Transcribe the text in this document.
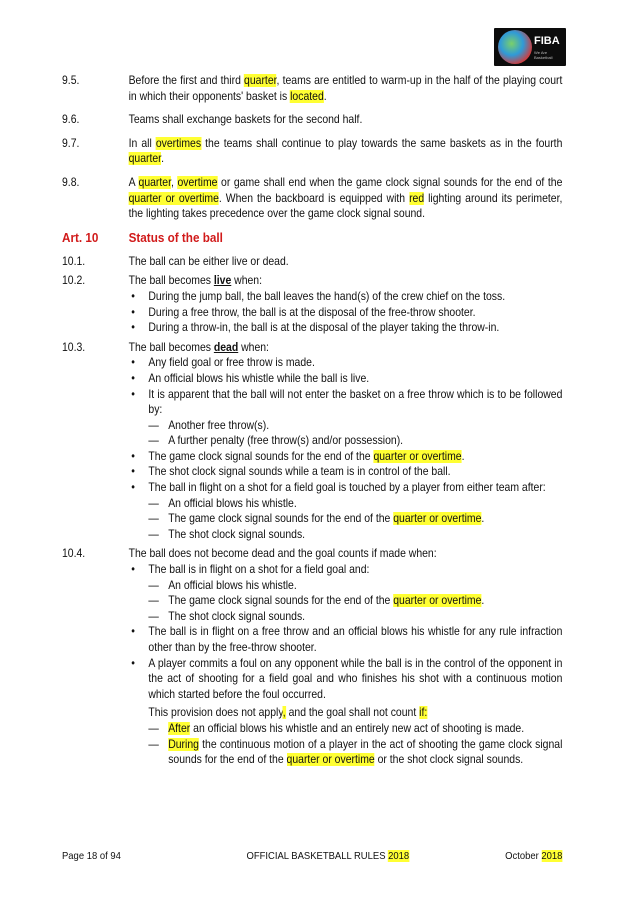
FIBA
We Are Basketball
9.5.	Before the first and third quarter, teams are entitled to warm-up in the half of the playing court in which their opponents' basket is located.
9.6.	Teams shall exchange baskets for the second half.
9.7.	In all overtimes the teams shall continue to play towards the same baskets as in the fourth quarter.
9.8.	A quarter, overtime or game shall end when the game clock signal sounds for the end of the quarter or overtime. When the backboard is equipped with red lighting around its perimeter, the lighting takes precedence over the game clock signal sound.
Art. 10 Status of the ball
10.1.	The ball can be either live or dead.
10.2.	The ball becomes live when:
• During the jump ball, the ball leaves the hand(s) of the crew chief on the toss.
• During a free throw, the ball is at the disposal of the free-throw shooter.
• During a throw-in, the ball is at the disposal of the player taking the throw-in.
10.3.	The ball becomes dead when:
• Any field goal or free throw is made.
• An official blows his whistle while the ball is live.
• It is apparent that the ball will not enter the basket on a free throw which is to be followed by:
— Another free throw(s).
— A further penalty (free throw(s) and/or possession).
• The game clock signal sounds for the end of the quarter or overtime.
• The shot clock signal sounds while a team is in control of the ball.
• The ball in flight on a shot for a field goal is touched by a player from either team after:
— An official blows his whistle.
— The game clock signal sounds for the end of the quarter or overtime.
— The shot clock signal sounds.
10.4.	The ball does not become dead and the goal counts if made when:
• The ball is in flight on a shot for a field goal and:
— An official blows his whistle.
— The game clock signal sounds for the end of the quarter or overtime.
— The shot clock signal sounds.
• The ball is in flight on a free throw and an official blows his whistle for any rule infraction other than by the free-throw shooter.
• A player commits a foul on any opponent while the ball is in the control of the opponent in the act of shooting for a field goal and who finishes his shot with a continuous motion which started before the foul occurred.
This provision does not apply, and the goal shall not count if:
— After an official blows his whistle and an entirely new act of shooting is made.
— During the continuous motion of a player in the act of shooting the game clock signal sounds for the end of the quarter or overtime or the shot clock signal sounds.
Page 18 of 94	OFFICIAL BASKETBALL RULES 2018	October 2018
